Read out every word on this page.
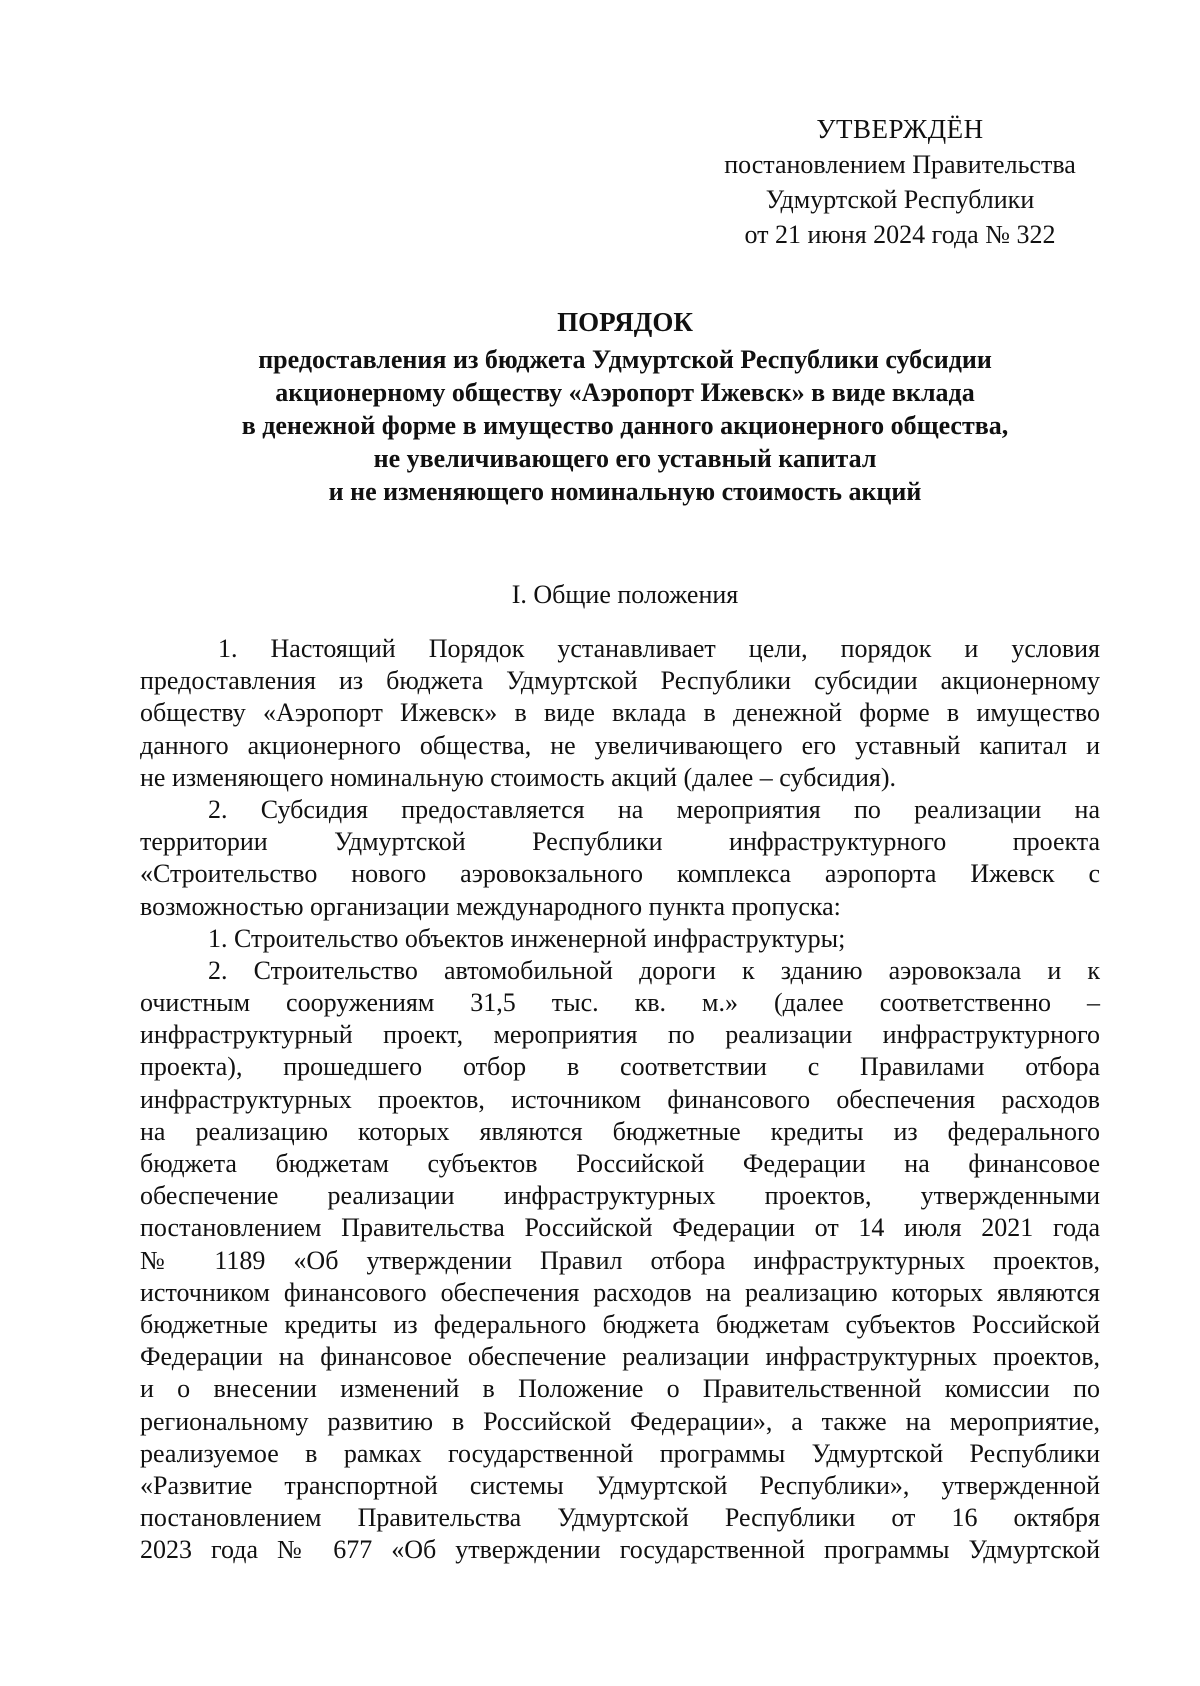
УТВЕРЖДЁН
постановлением Правительства
Удмуртской Республики
от 21 июня 2024 года № 322
ПОРЯДОК
предоставления из бюджета Удмуртской Республики субсидии
акционерному обществу «Аэропорт Ижевск» в виде вклада
в денежной форме в имущество данного акционерного общества,
не увеличивающего его уставный капитал
и не изменяющего номинальную стоимость акций
I. Общие положения
1. Настоящий Порядок устанавливает цели, порядок и условия
предоставления из бюджета Удмуртской Республики субсидии акционерному
обществу «Аэропорт Ижевск» в виде вклада в денежной форме в имущество
данного акционерного общества, не увеличивающего его уставный капитал и
не изменяющего номинальную стоимость акций (далее – субсидия).
2. Субсидия предоставляется на мероприятия по реализации на
территории Удмуртской Республики инфраструктурного проекта
«Строительство нового аэровокзального комплекса аэропорта Ижевск с
возможностью организации международного пункта пропуска:
1. Строительство объектов инженерной инфраструктуры;
2. Строительство автомобильной дороги к зданию аэровокзала и к
очистным сооружениям 31,5 тыс. кв. м.» (далее соответственно –
инфраструктурный проект, мероприятия по реализации инфраструктурного
проекта), прошедшего отбор в соответствии с Правилами отбора
инфраструктурных проектов, источником финансового обеспечения расходов
на реализацию которых являются бюджетные кредиты из федерального
бюджета бюджетам субъектов Российской Федерации на финансовое
обеспечение реализации инфраструктурных проектов, утвержденными
постановлением Правительства Российской Федерации от 14 июля 2021 года
№ 1189 «Об утверждении Правил отбора инфраструктурных проектов,
источником финансового обеспечения расходов на реализацию которых являются
бюджетные кредиты из федерального бюджета бюджетам субъектов Российской
Федерации на финансовое обеспечение реализации инфраструктурных проектов,
и о внесении изменений в Положение о Правительственной комиссии по
региональному развитию в Российской Федерации», а также на мероприятие,
реализуемое в рамках государственной программы Удмуртской Республики
«Развитие транспортной системы Удмуртской Республики», утвержденной
постановлением Правительства Удмуртской Республики от 16 октября
2023 года № 677 «Об утверждении государственной программы Удмуртской
